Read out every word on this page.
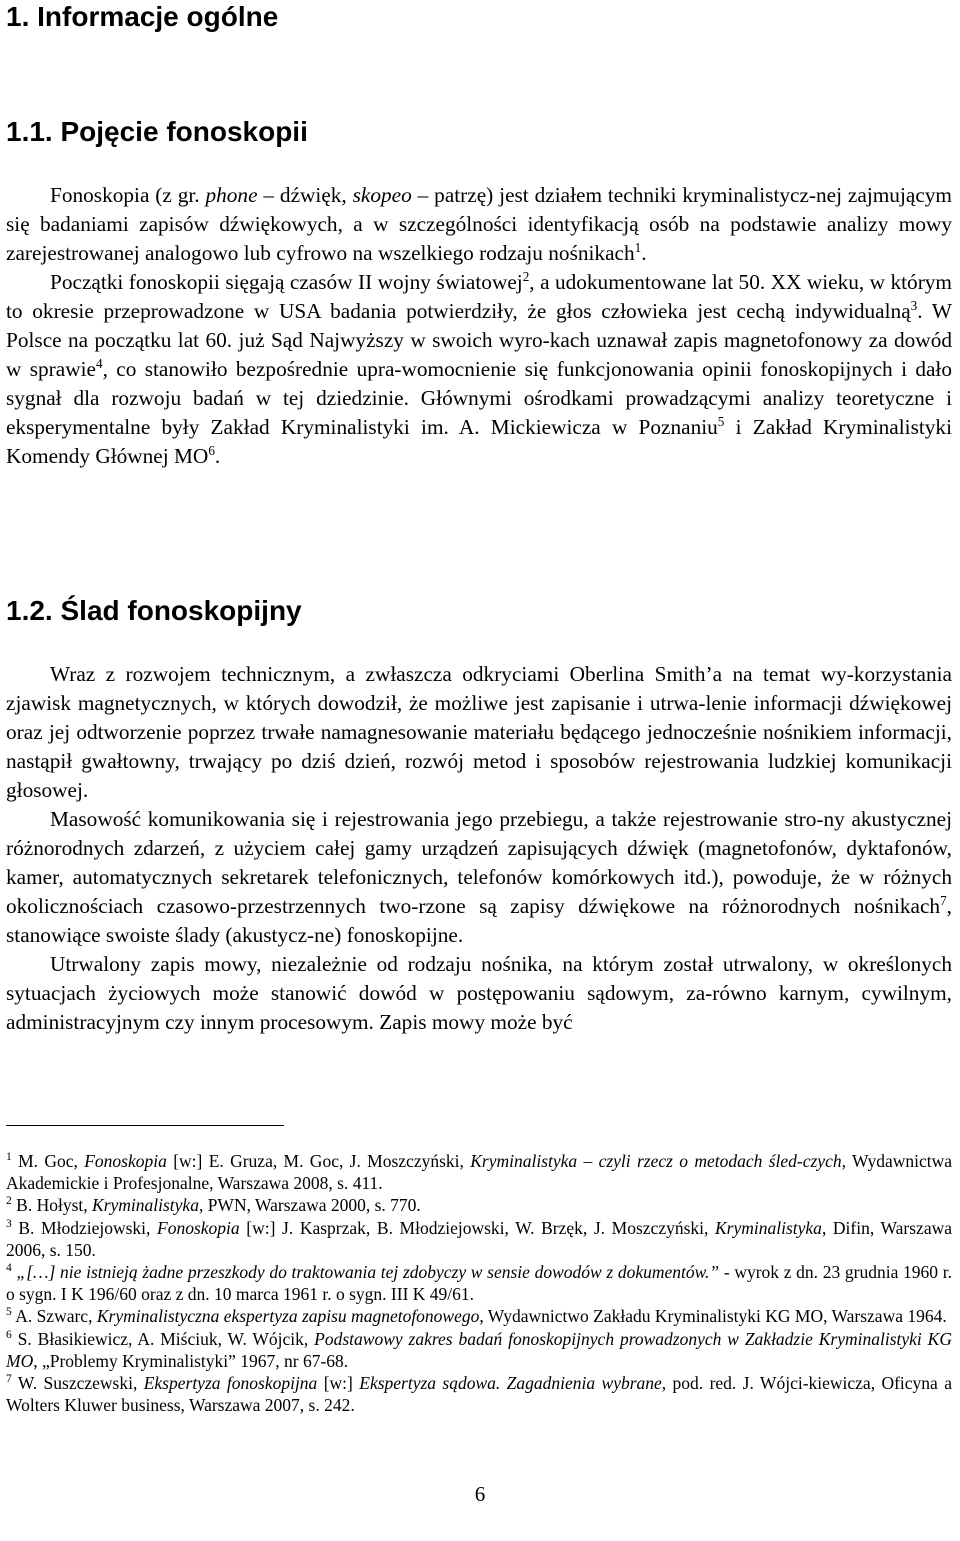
1. Informacje ogólne
1.1. Pojęcie fonoskopii

Fonoskopia (z gr. phone – dźwięk, skopeo – patrzę) jest działem techniki kryminalistycz-nej zajmującym się badaniami zapisów dźwiękowych, a w szczególności identyfikacją osób na podstawie analizy mowy zarejestrowanej analogowo lub cyfrowo na wszelkiego rodzaju nośnikach$^1$.

Początki fonoskopii sięgają czasów II wojny światowej$^2$, a udokumentowane lat 50. XX wieku, w którym to okresie przeprowadzone w USA badania potwierdziły, że głos człowieka jest cechą indywidualną$^3$. W Polsce na początku lat 60. już Sąd Najwyższy w swoich wyro-kach uznawał zapis magnetofonowy za dowód w sprawie$^4$, co stanowiło bezpośrednie upra-womocnienie się funkcjonowania opinii fonoskopijnych i dało sygnał dla rozwoju badań w tej dziedzinie. Głównymi ośrodkami prowadzącymi analizy teoretyczne i eksperymentalne były Zakład Kryminalistyki im. A. Mickiewicza w Poznaniu$^5$ i Zakład Kryminalistyki Komendy Głównej $MO^6$.

1.2. Ślad fonoskopijny

Wraz z rozwojem technicznym, a zwłaszcza odkryciami Oberlina Smith’a na temat wy-korzystania zjawisk magnetycznych, w których dowodził, że możliwe jest zapisanie i utrwa-lenie informacji dźwiękowej oraz jej odtworzenie poprzez trwałe namagnesowanie materiału będącego jednocześnie nośnikiem informacji, nastąpił gwałtowny, trwający po dziś dzień, rozwój metod i sposobów rejestrowania ludzkiej komunikacji głosowej.

Masowość komunikowania się i rejestrowania jego przebiegu, a także rejestrowanie stro-ny akustycznej różnorodnych zdarzeń, z użyciem całej gamy urządzeń zapisujących dźwięk (magnetofonów, dyktafonów, kamer, automatycznych sekretarek telefonicznych, telefonów komórkowych itd.), powoduje, że w różnych okolicznościach czasowo-przestrzennych two-rzone są zapisy dźwiękowe na różnorodnych nośnikach$^7$, stanowiące swoiste ślady (akustycz-ne) fonoskopijne.

Utrwalony zapis mowy, niezależnie od rodzaju nośnika, na którym został utrwalony, w określonych sytuacjach życiowych może stanowić dowód w postępowaniu sądowym, za-równo karnym, cywilnym, administracyjnym czy innym procesowym. Zapis mowy może być

$^1$ M. Goc, Fonoskopia [w:] E. Gruza, M. Goc, J. Moszczyński, Kryminalistyka – czyli rzecz o metodach śled-czych, Wydawnictwa Akademickie i Profesjonalne, Warszawa 2008, s. 411.

$^2$ B. Hołyst, Kryminalistyka, PWN, Warszawa 2000, s. 770.

$^3$ B. Młodziejowski, Fonoskopia [w:] J. Kasprzak, B. Młodziejowski, W. Brzęk, J. Moszczyński, Kryminalistyka, Difin, Warszawa 2006, s. 150.

$^4$ „[…] nie istnieją żadne przeszkody do traktowania tej zdobyczy w sensie dowodów z dokumentów.” - wyrok z dn. 23 grudnia 1960 r. o sygn. I K 196/60 oraz z dn. 10 marca 1961 r. o sygn. III K 49/61.

$^5$ A. Szwarc, Kryminalistyczna ekspertyza zapisu magnetofonowego, Wydawnictwo Zakładu Kryminalistyki KG MO, Warszawa 1964.

$^6$ S. Błasikiewicz, A. Miściuk, W. Wójcik, Podstawowy zakres badań fonoskopijnych prowadzonych w Zakładzie Kryminalistyki KG MO, „Problemy Kryminalistyki” 1967, nr 67-68.

$^7$ W. Suszczewski, Ekspertyza fonoskopijna [w:] Ekspertyza sądowa. Zagadnienia wybrane, pod. red. J. Wójci-kiewicza, Oficyna a Wolters Kluwer business, Warszawa 2007, s. 242.

6
